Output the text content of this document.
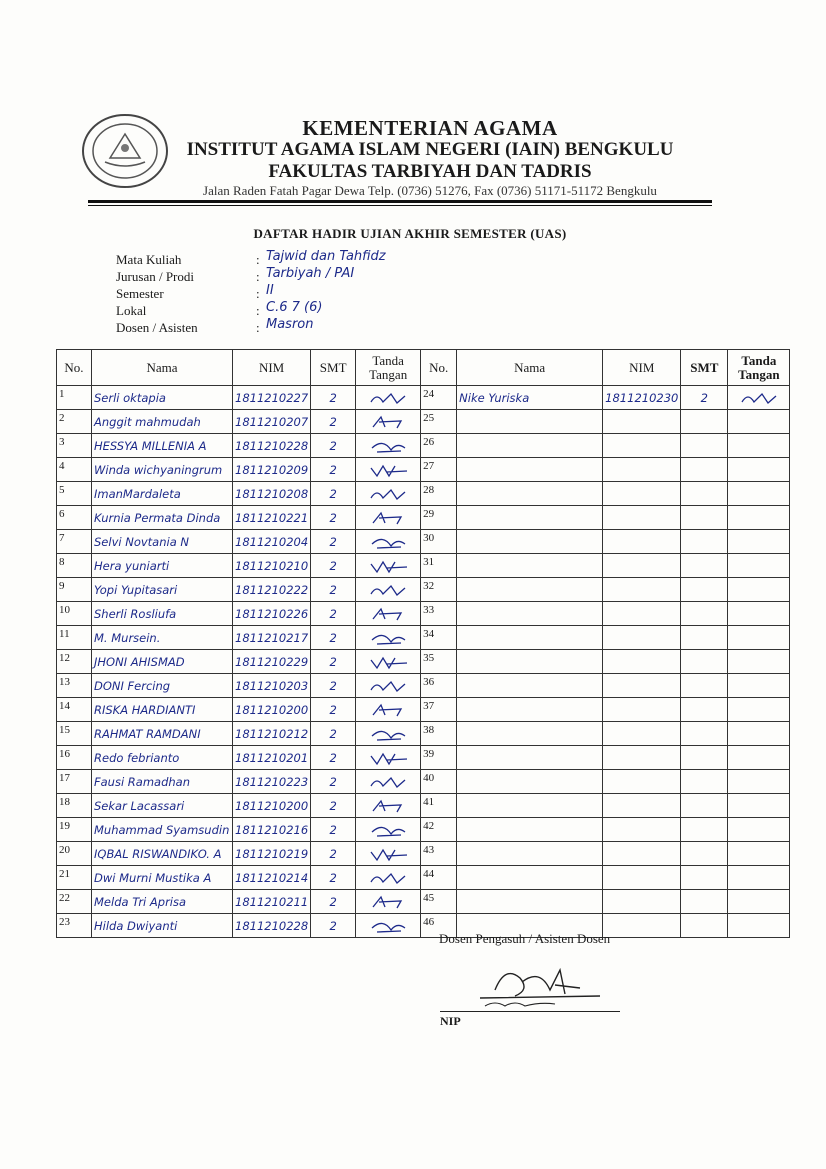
KEMENTERIAN AGAMA
INSTITUT AGAMA ISLAM NEGERI (IAIN) BENGKULU
FAKULTAS TARBIYAH DAN TADRIS
Jalan Raden Fatah Pagar Dewa Telp. (0736) 51276, Fax (0736) 51171-51172 Bengkulu
DAFTAR HADIR UJIAN AKHIR SEMESTER (UAS)
Mata Kuliah	: Tajwid dan Tahfidz
Jurusan / Prodi	: Tarbiyah / PAI
Semester	: II
Lokal	: C.6 7 (6)
Dosen / Asisten	: Masron
No.	Nama	NIM	SMT	Tanda Tangan	No.	Nama	NIM	SMT	Tanda Tangan
1	Serli oktapia	1811210227	2		24	Nike Yuriska	1811210230	2	

2	Anggit mahmudah	1811210207	2		25				
3	HESSYA MILLENIA A	1811210228	2		26				
4	Winda wichyaningrum	1811210209	2		27				
5	ImanMardaleta	1811210208	2		28				
6	Kurnia Permata Dinda	1811210221	2		29				
7	Selvi Novtania N	1811210204	2		30				
8	Hera yuniarti	1811210210	2		31				
9	Yopi Yupitasari	1811210222	2		32				
10	Sherli Rosliufa	1811210226	2		33				
11	M. Mursein.	1811210217	2		34				
12	JHONI AHISMAD	1811210229	2		35				
13	DONI Fercing	1811210203	2		36				
14	RISKA HARDIANTI	1811210200	2		37				
15	RAHMAT RAMDANI	1811210212	2		38				
16	Redo febrianto	1811210201	2		39				
17	Fausi Ramadhan	1811210223	2		40				
18	Sekar Lacassari	1811210200	2		41				
19	Muhammad Syamsudin	1811210216	2		42				
20	IQBAL RISWANDIKO. A	1811210219	2		43				
21	Dwi Murni Mustika A	1811210214	2		44				
22	Melda Tri Aprisa	1811210211	2		45				
23	Hilda Dwiyanti	1811210228	2		46				
Dosen Pengasuh / Asisten Dosen
NIP
